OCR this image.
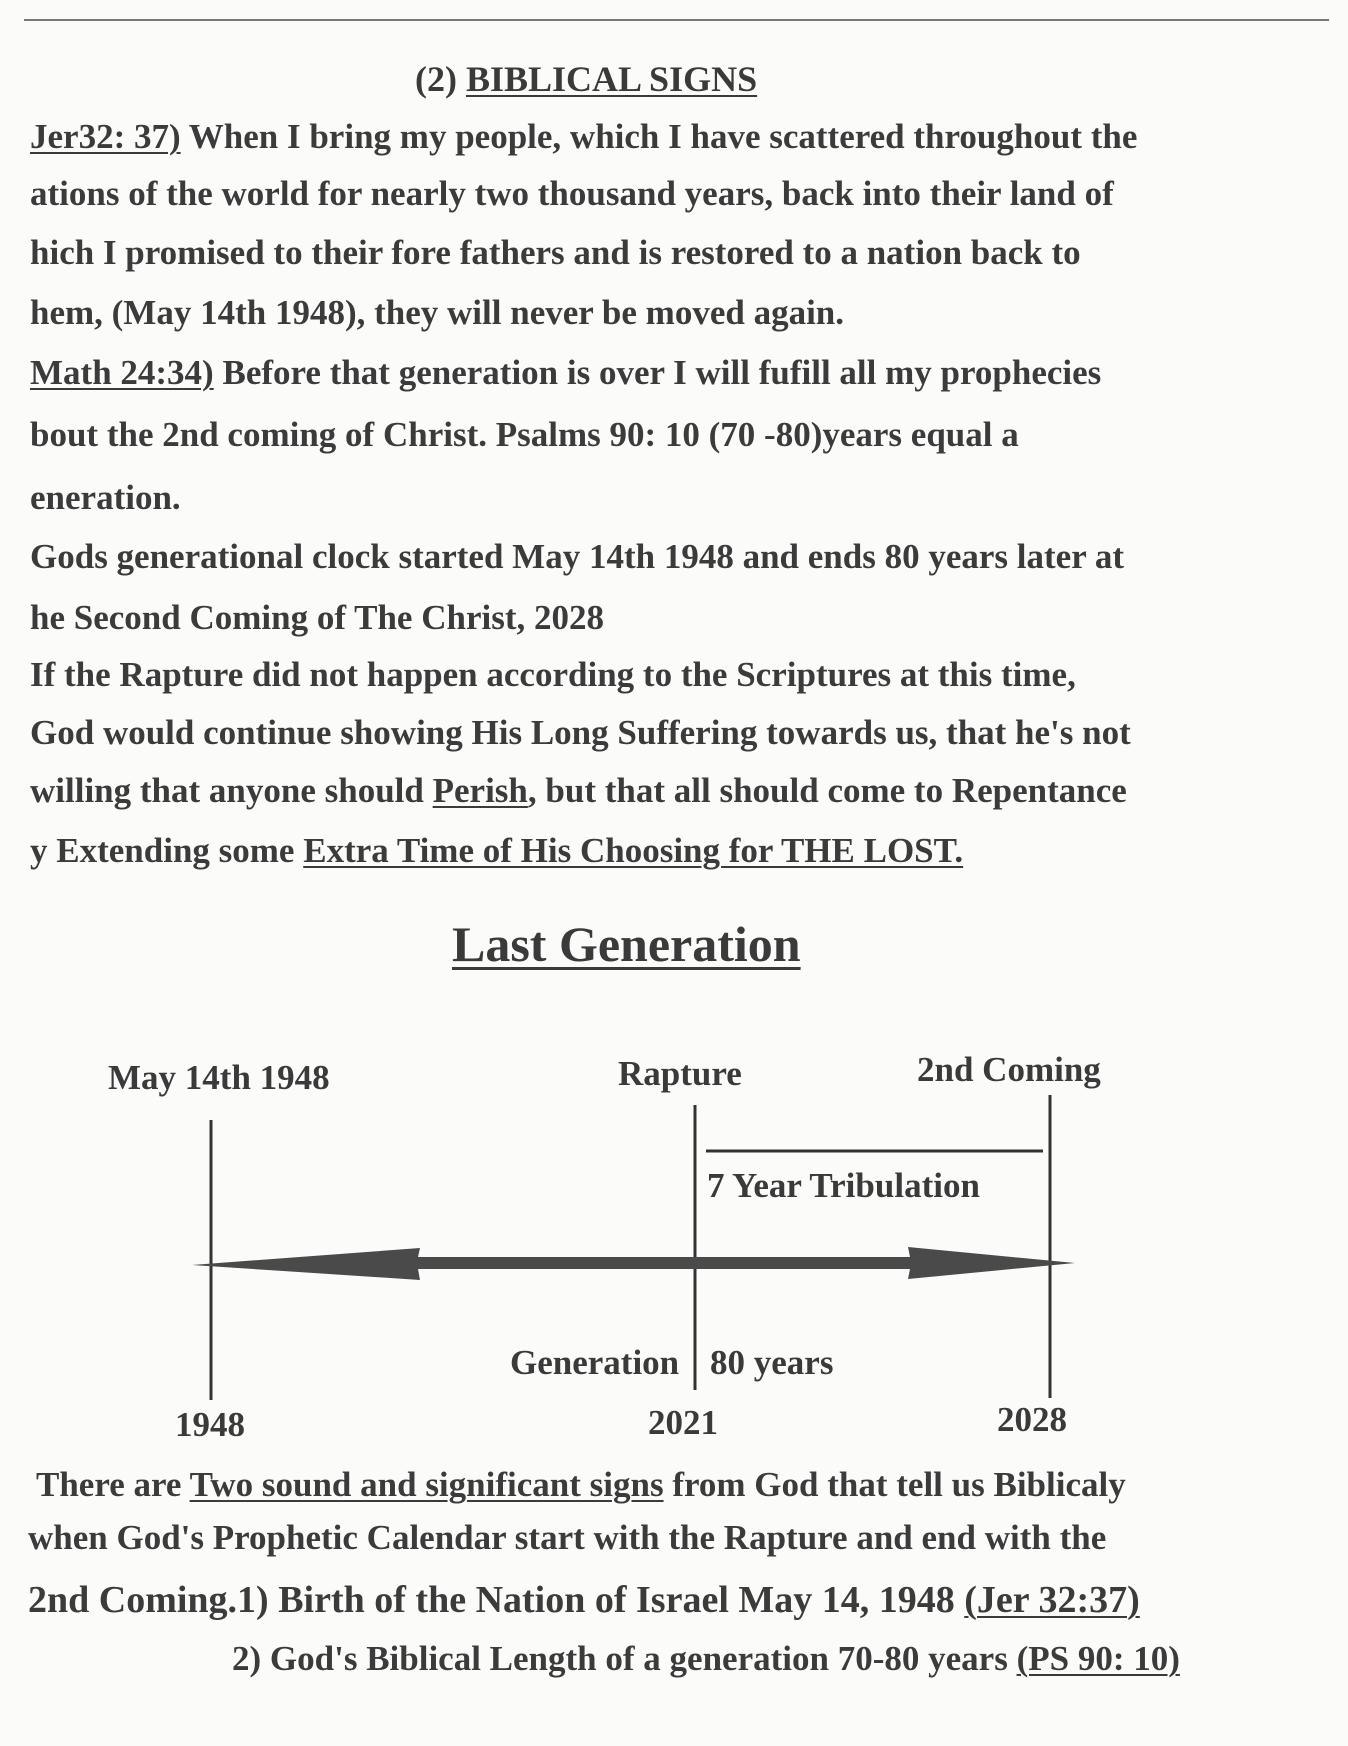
(2) BIBLICAL SIGNS
Jer32: 37) When I bring my people, which I have scattered throughout the
ations of the world for nearly two thousand years, back into their land of
hich I promised to their fore fathers and is restored to a nation back to
hem, (May 14th 1948), they will never be moved again.
Math 24:34) Before that generation is over I will fufill all my prophecies
bout the 2nd coming of Christ. Psalms 90: 10 (70 -80)years equal a
eneration.
Gods generational clock started May 14th 1948 and ends 80 years later at
he Second Coming of The Christ, 2028
If the Rapture did not happen according to the Scriptures at this time,
God would continue showing His Long Suffering towards us, that he's not
willing that anyone should Perish, but that all should come to Repentance
y Extending some Extra Time of His Choosing for THE LOST.
Last Generation
May 14th 1948	Rapture	2nd Coming
7 Year Tribulation
Generation 80 years
1948	2021	2028
There are Two sound and significant signs from God that tell us Biblicaly
when God's Prophetic Calendar start with the Rapture and end with the
2nd Coming.1) Birth of the Nation of Israel May 14, 1948 (Jer 32:37)
2) God's Biblical Length of a generation 70-80 years (PS 90: 10)
